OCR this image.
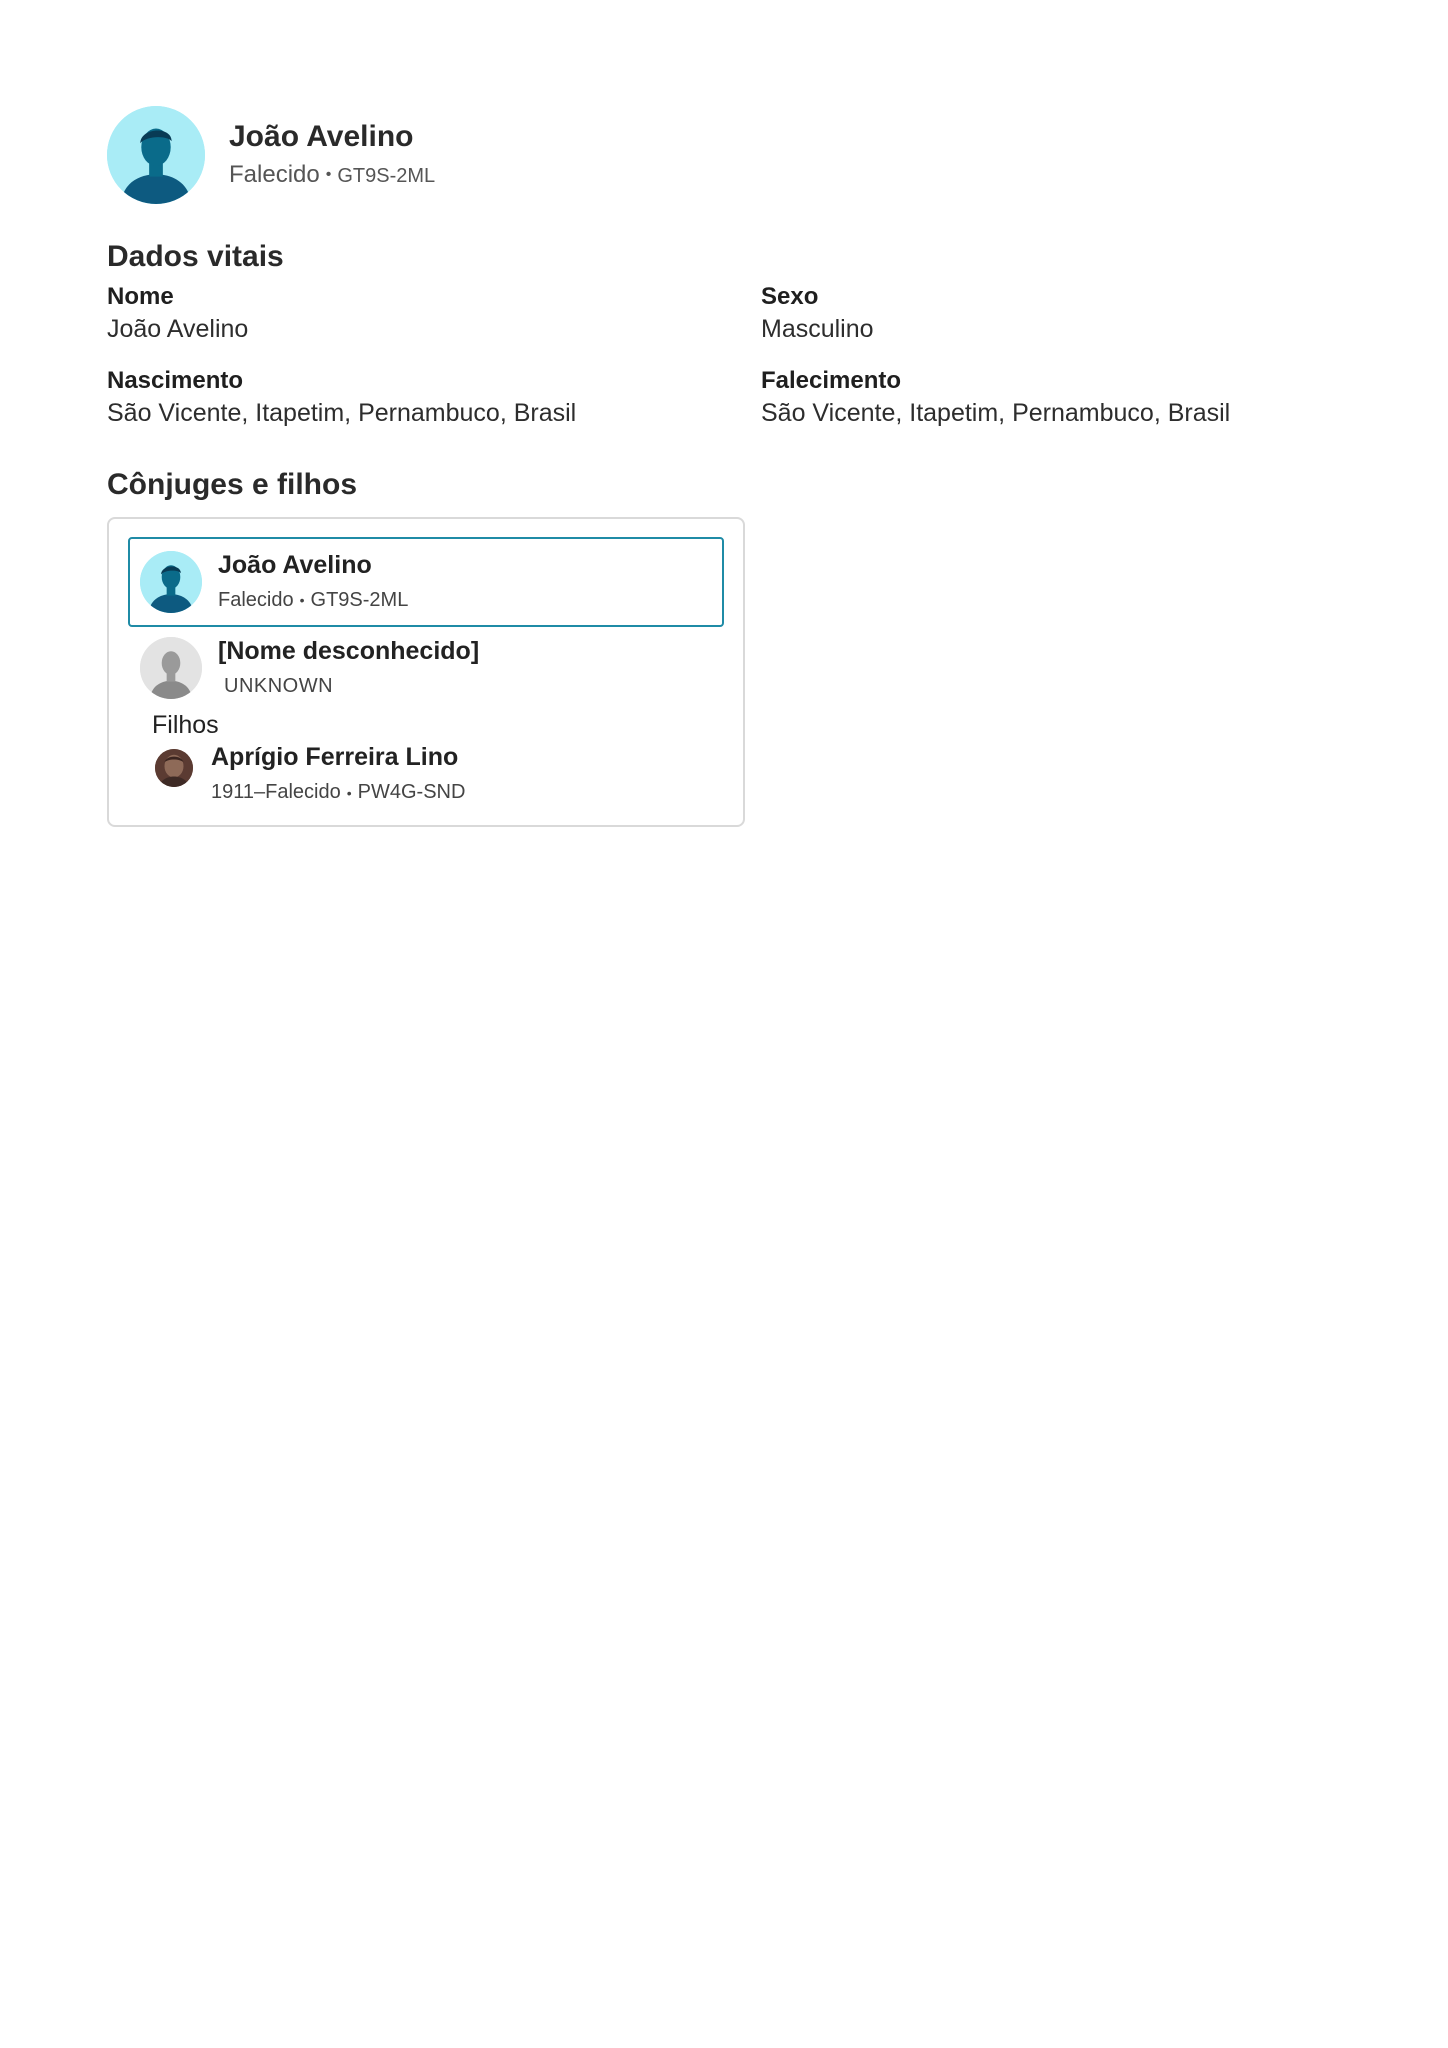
João Avelino
Falecido • GT9S-2ML
Dados vitais
Nome
João Avelino
Sexo
Masculino
Nascimento
São Vicente, Itapetim, Pernambuco, Brasil
Falecimento
São Vicente, Itapetim, Pernambuco, Brasil
Cônjuges e filhos
João Avelino
Falecido • GT9S-2ML
[Nome desconhecido]
UNKNOWN
Filhos
Aprígio Ferreira Lino
1911–Falecido • PW4G-SND
